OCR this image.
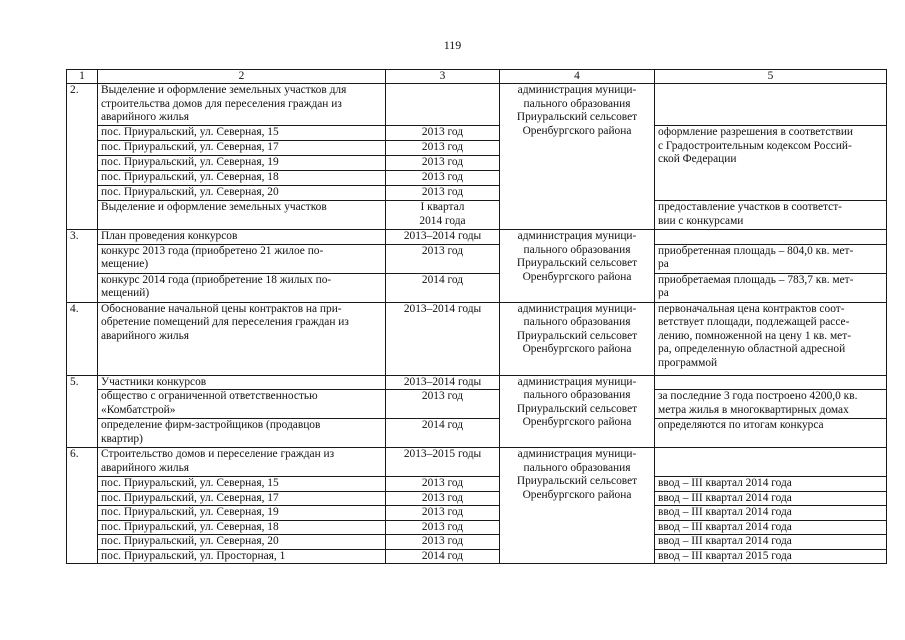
119
1	2	3	4	5
2.	Выделение и оформление земельных участков для
строительства домов для переселения граждан из
аварийного жилья		администрация муници-
пального образования
Приуральский сельсовет
Оренбургского района	

	пос. Приуральский, ул. Северная, 15	2013 год		оформление разрешения в соответствии
с Градостроительным кодексом Россий-
ской Федерации

	пос. Приуральский, ул. Северная, 17	2013 год		
	пос. Приуральский, ул. Северная, 19	2013 год		
	пос. Приуральский, ул. Северная, 18	2013 год		
	пос. Приуральский, ул. Северная, 20	2013 год		
	Выделение и оформление земельных участков	I квартал
2014 года		предоставление участков в соответст-
вии с конкурсами

3.	План проведения конкурсов	2013–2014 годы	администрация муници-
пального образования
Приуральский сельсовет
Оренбургского района	

	конкурс 2013 года (приобретено 21 жилое по-
мещение)	2013 год		приобретенная площадь – 804,0 кв. мет-
ра

	конкурс 2014 года (приобретение 18 жилых по-
мещений)	2014 год		приобретаемая площадь – 783,7 кв. мет-
ра

4.	Обоснование начальной цены контрактов на при-
обретение помещений для переселения граждан из
аварийного жилья	2013–2014 годы	администрация муници-
пального образования
Приуральский сельсовет
Оренбургского района	первоначальная цена контрактов соот-
ветствует площади, подлежащей рассе-
лению, помноженной на цену 1 кв. мет-
ра, определенную областной адресной
программой

5.	Участники конкурсов	2013–2014 годы	администрация муници-
пального образования
Приуральский сельсовет
Оренбургского района	

	общество с ограниченной ответственностью
«Комбатстрой»	2013 год		за последние 3 года построено 4200,0 кв.
метра жилья в многоквартирных домах

	определение фирм-застройщиков (продавцов
квартир)	2014 год		определяются по итогам конкурса

6.	Строительство домов и переселение граждан из
аварийного жилья	2013–2015 годы	администрация муници-
пального образования
Приуральский сельсовет
Оренбургского района	

	пос. Приуральский, ул. Северная, 15	2013 год		ввод – III квартал 2014 года
	пос. Приуральский, ул. Северная, 17	2013 год		ввод – III квартал 2014 года
	пос. Приуральский, ул. Северная, 19	2013 год		ввод – III квартал 2014 года
	пос. Приуральский, ул. Северная, 18	2013 год		ввод – III квартал 2014 года
	пос. Приуральский, ул. Северная, 20	2013 год		ввод – III квартал 2014 года
	пос. Приуральский, ул. Просторная, 1	2014 год		ввод – III квартал 2015 года
